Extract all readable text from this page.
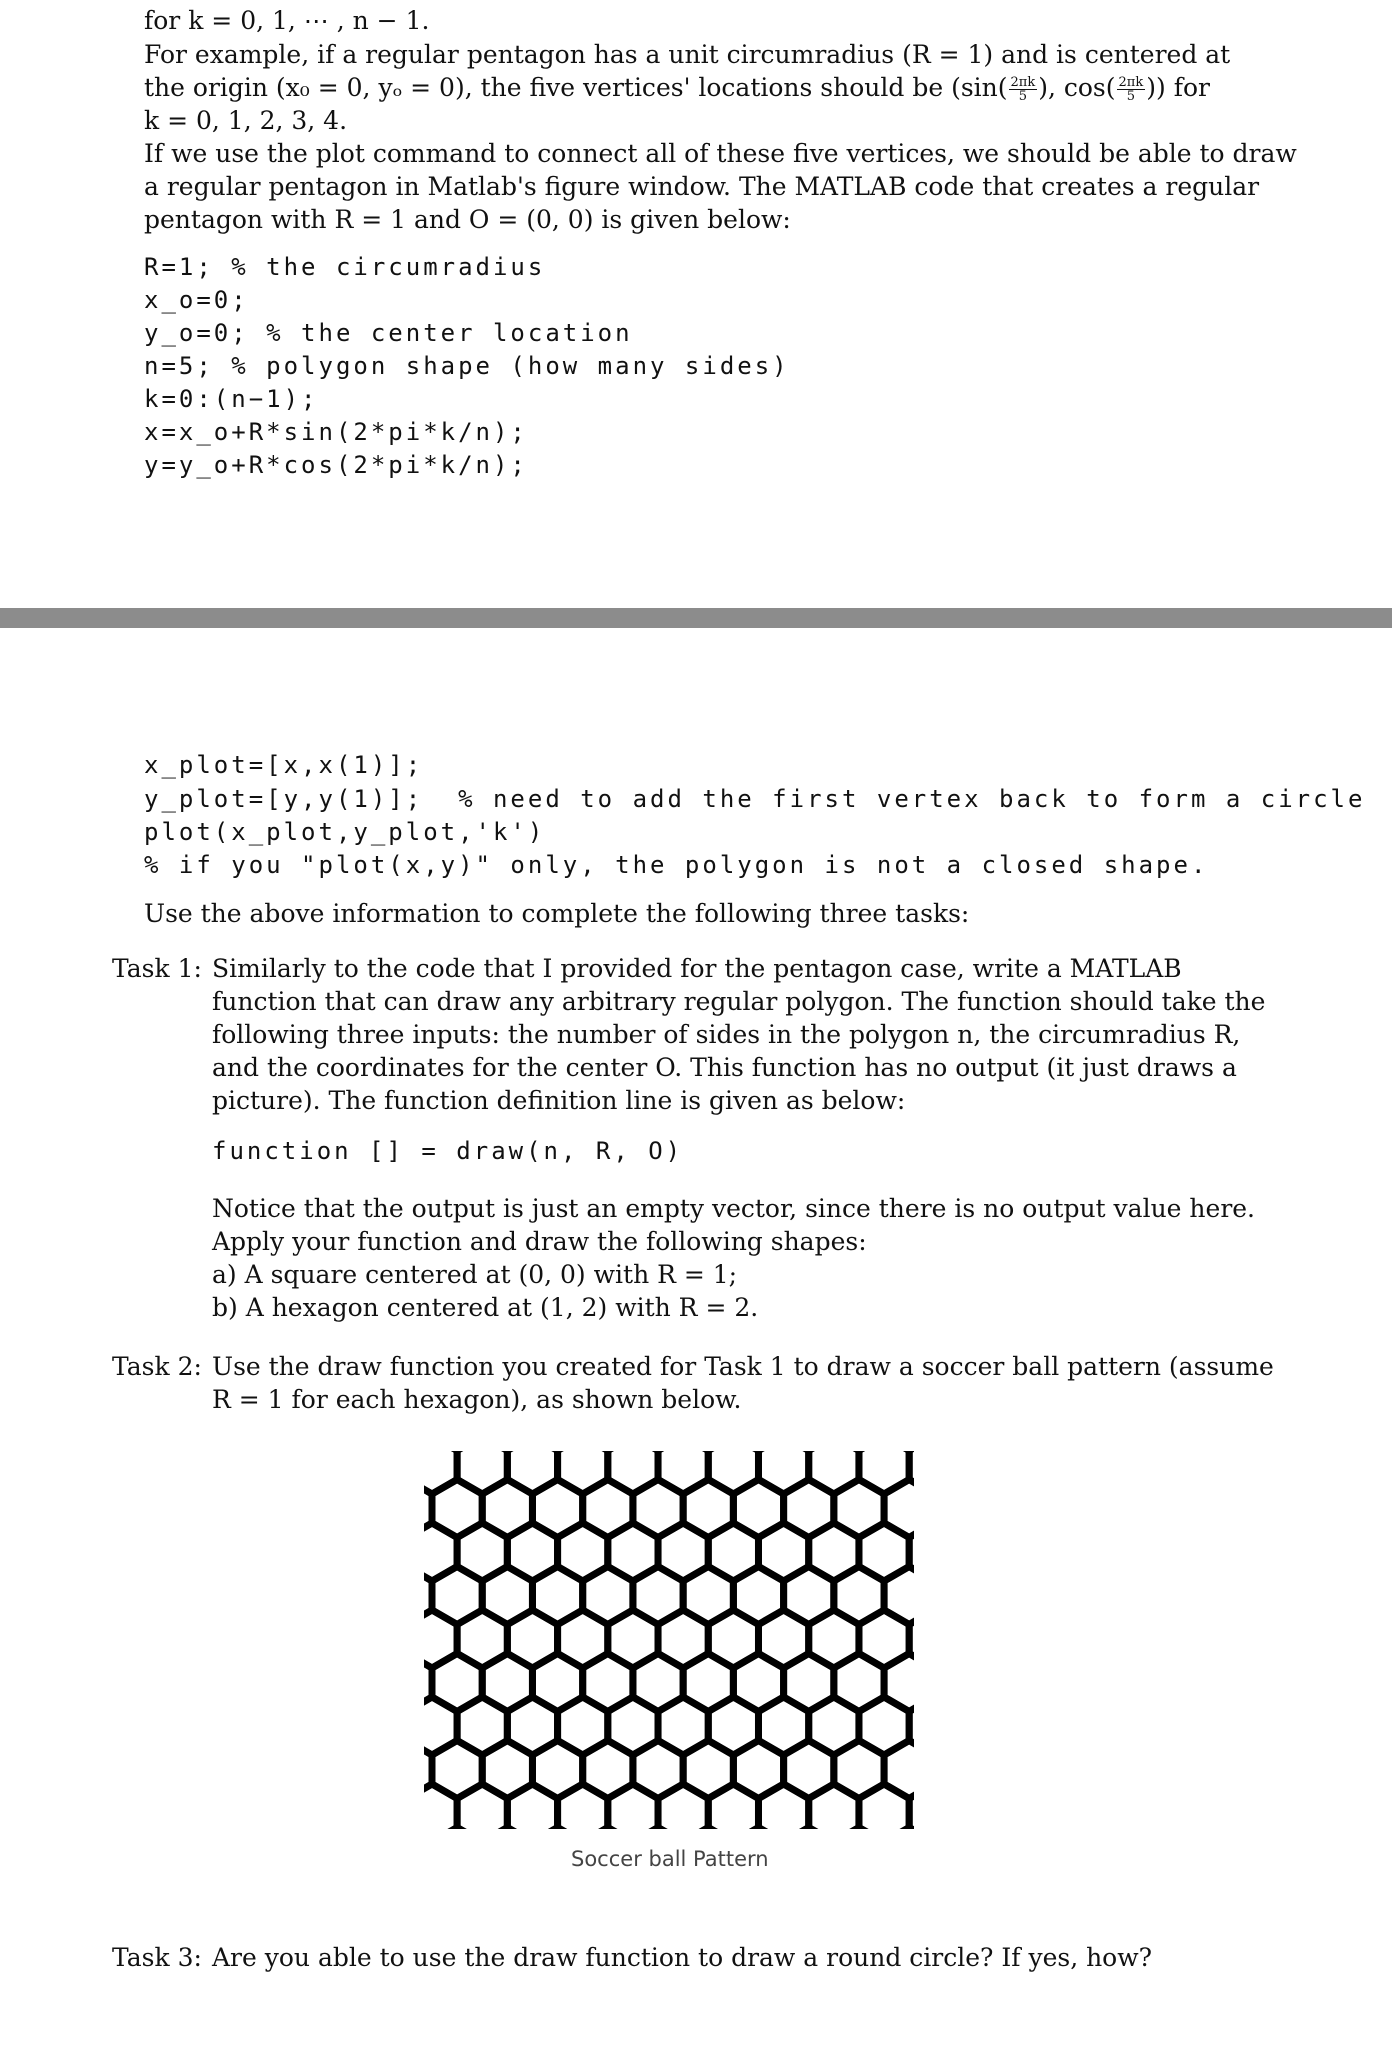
for k = 0, 1, ⋯ , n − 1.
For example, if a regular pentagon has a unit circumradius (R = 1) and is centered at
the origin (x₀ = 0, yₒ = 0), the five vertices' locations should be ($\sin( \frac{2\pi k}{5}$ ), $\cos( \frac{2\pi k}{5}$ )) for
k = 0, 1, 2, 3, 4.
If we use the plot command to connect all of these five vertices, we should be able to draw
a regular pentagon in Matlab's figure window. The MATLAB code that creates a regular
pentagon with R = 1 and O = (0, 0) is given below:
R=1; % the circumradius
x_o=0;
y_o=0; % the center location
n=5; % polygon shape (how many sides)
k=0:(n−1);
x=x_o+R*sin(2*pi*k/n);
y=y_o+R*cos(2*pi*k/n);
x_plot=[x,x(1)];
y_plot=[y,y(1)];  % need to add the first vertex back to form a circle
plot(x_plot,y_plot,'k')
% if you "plot(x,y)" only, the polygon is not a closed shape.
Use the above information to complete the following three tasks:
Task 1: Similarly to the code that I provided for the pentagon case, write a MATLAB
function that can draw any arbitrary regular polygon. The function should take the
following three inputs: the number of sides in the polygon n, the circumradius R,
and the coordinates for the center O. This function has no output (it just draws a
picture). The function definition line is given as below:
function [] = draw(n, R, O)
Notice that the output is just an empty vector, since there is no output value here.
Apply your function and draw the following shapes:
a) A square centered at (0, 0) with R = 1;
b) A hexagon centered at (1, 2) with R = 2.
Task 2: Use the draw function you created for Task 1 to draw a soccer ball pattern (assume
R = 1 for each hexagon), as shown below.
Soccer ball Pattern
Task 3: Are you able to use the draw function to draw a round circle? If yes, how?
